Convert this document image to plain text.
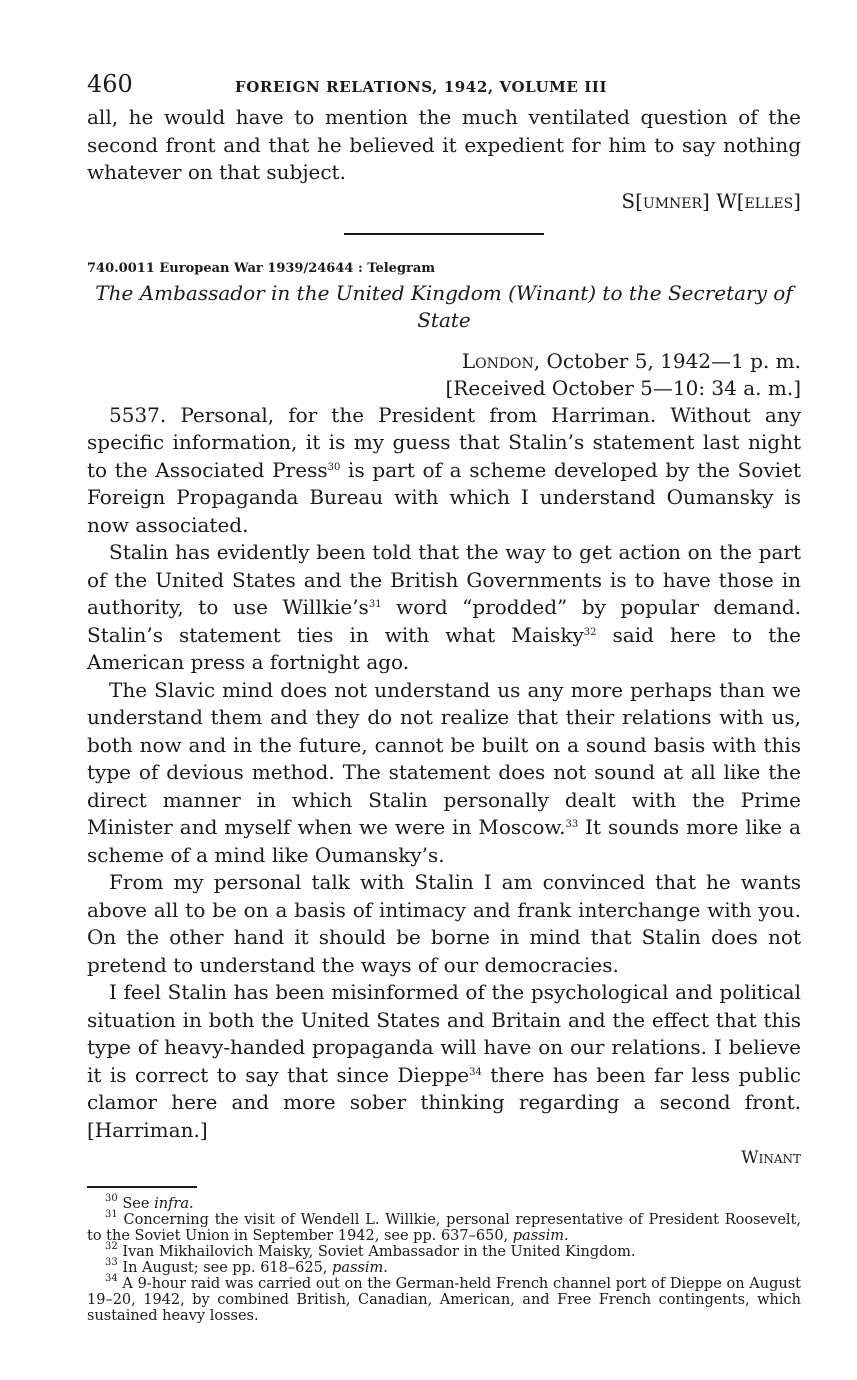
460	FOREIGN RELATIONS, 1942, VOLUME III

all, he would have to mention the much ventilated question of the second front and that he believed it expedient for him to say nothing whatever on that subject.

S[umner] W[elles]
740.0011 European War 1939/24644 : Telegram
The Ambassador in the United Kingdom (Winant) to the Secretary of State
London, October 5, 1942—1 p. m.
[Received October 5—10: 34 a. m.]

5537. Personal, for the President from Harriman. Without any specific information, it is my guess that Stalin’s statement last night to the Associated Press$^{30}$ is part of a scheme developed by the Soviet Foreign Propaganda Bureau with which I understand Oumansky is now associated.

Stalin has evidently been told that the way to get action on the part of the United States and the British Governments is to have those in authority, to use $Willkie’s^{31}$ word “prodded” by popular demand. Stalin’s statement ties in with what Maisky$^{32}$ said here to the American press a fortnight ago.

The Slavic mind does not understand us any more perhaps than we understand them and they do not realize that their relations with us, both now and in the future, cannot be built on a sound basis with this type of devious method. The statement does not sound at all like the direct manner in which Stalin personally dealt with the Prime Minister and myself when we were in Moscow.$^{33}$ It sounds more like a scheme of a mind like Oumansky’s.

From my personal talk with Stalin I am convinced that he wants above all to be on a basis of intimacy and frank interchange with you. On the other hand it should be borne in mind that Stalin does not pretend to understand the ways of our democracies.

I feel Stalin has been misinformed of the psychological and political situation in both the United States and Britain and the effect that this type of heavy-handed propaganda will have on our relations. I believe it is correct to say that since Dieppe$^{34}$ there has been far less public clamor here and more sober thinking regarding a second front. [Harriman.]

Winant

$^{30}$ See infra.

$^{31}$ Concerning the visit of Wendell L. Willkie, personal representative of President Roosevelt, to the Soviet Union in September 1942, see pp. 637–650, passim.

$^{32}$ Ivan Mikhailovich Maisky, Soviet Ambassador in the United Kingdom.

$^{33}$ In August; see pp. 618–625, passim.

$^{34}$ A 9-hour raid was carried out on the German-held French channel port of Dieppe on August 19–20, 1942, by combined British, Canadian, American, and Free French contingents, which sustained heavy losses.
